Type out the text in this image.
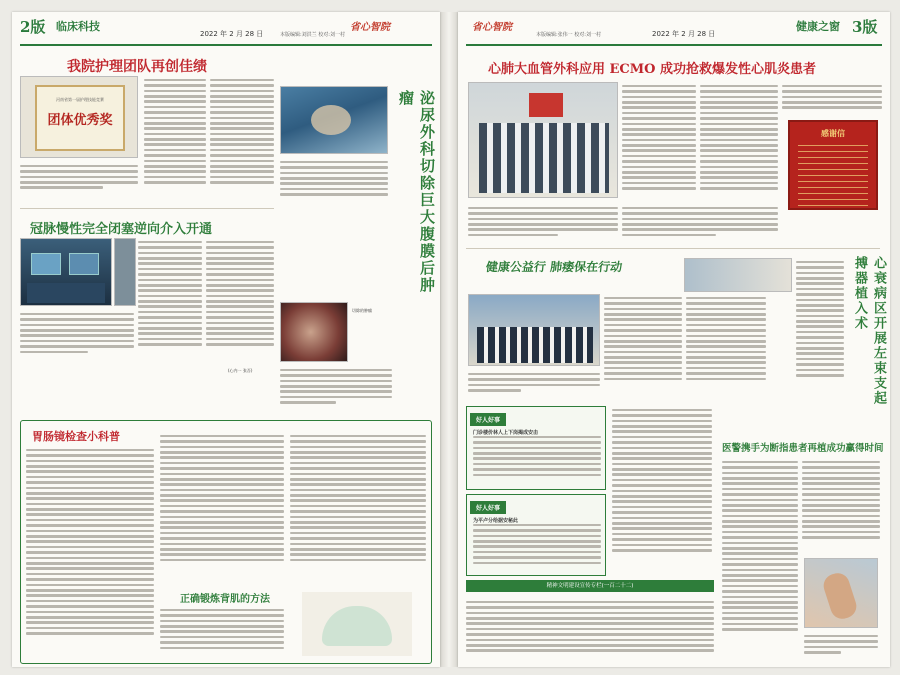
2版 临床科技
2022 年 2 月 28 日
省心智院
本版编辑:刘洪兰 校对:刘一村
我院护理团队再创佳绩
河南省第一届护理技能竞赛
团体优秀奖	泌尿外科切除巨大腹膜后肿瘤
冠脉慢性完全闭塞逆向介入开通
(心内一 张吾)
切除的肿瘤
胃肠镜检查小科普
正确锻炼背肌的方法
省心智院
2022 年 2 月 28 日
本版编辑:张伟一 校对:刘一村
健康之窗 3版
心肺大血管外科应用 ECMO 成功抢救爆发性心肌炎患者
感谢信
健康公益行 肺痿保在行动	心衰病区开展左束支起搏器植入术
好人好事
门诊楼价林人上下岗揭成安击
好人好事
为平卢分给据安秘此
精神文明建设宣传专栏(一百二十二)
医警携手为断指患者再植成功赢得时间
